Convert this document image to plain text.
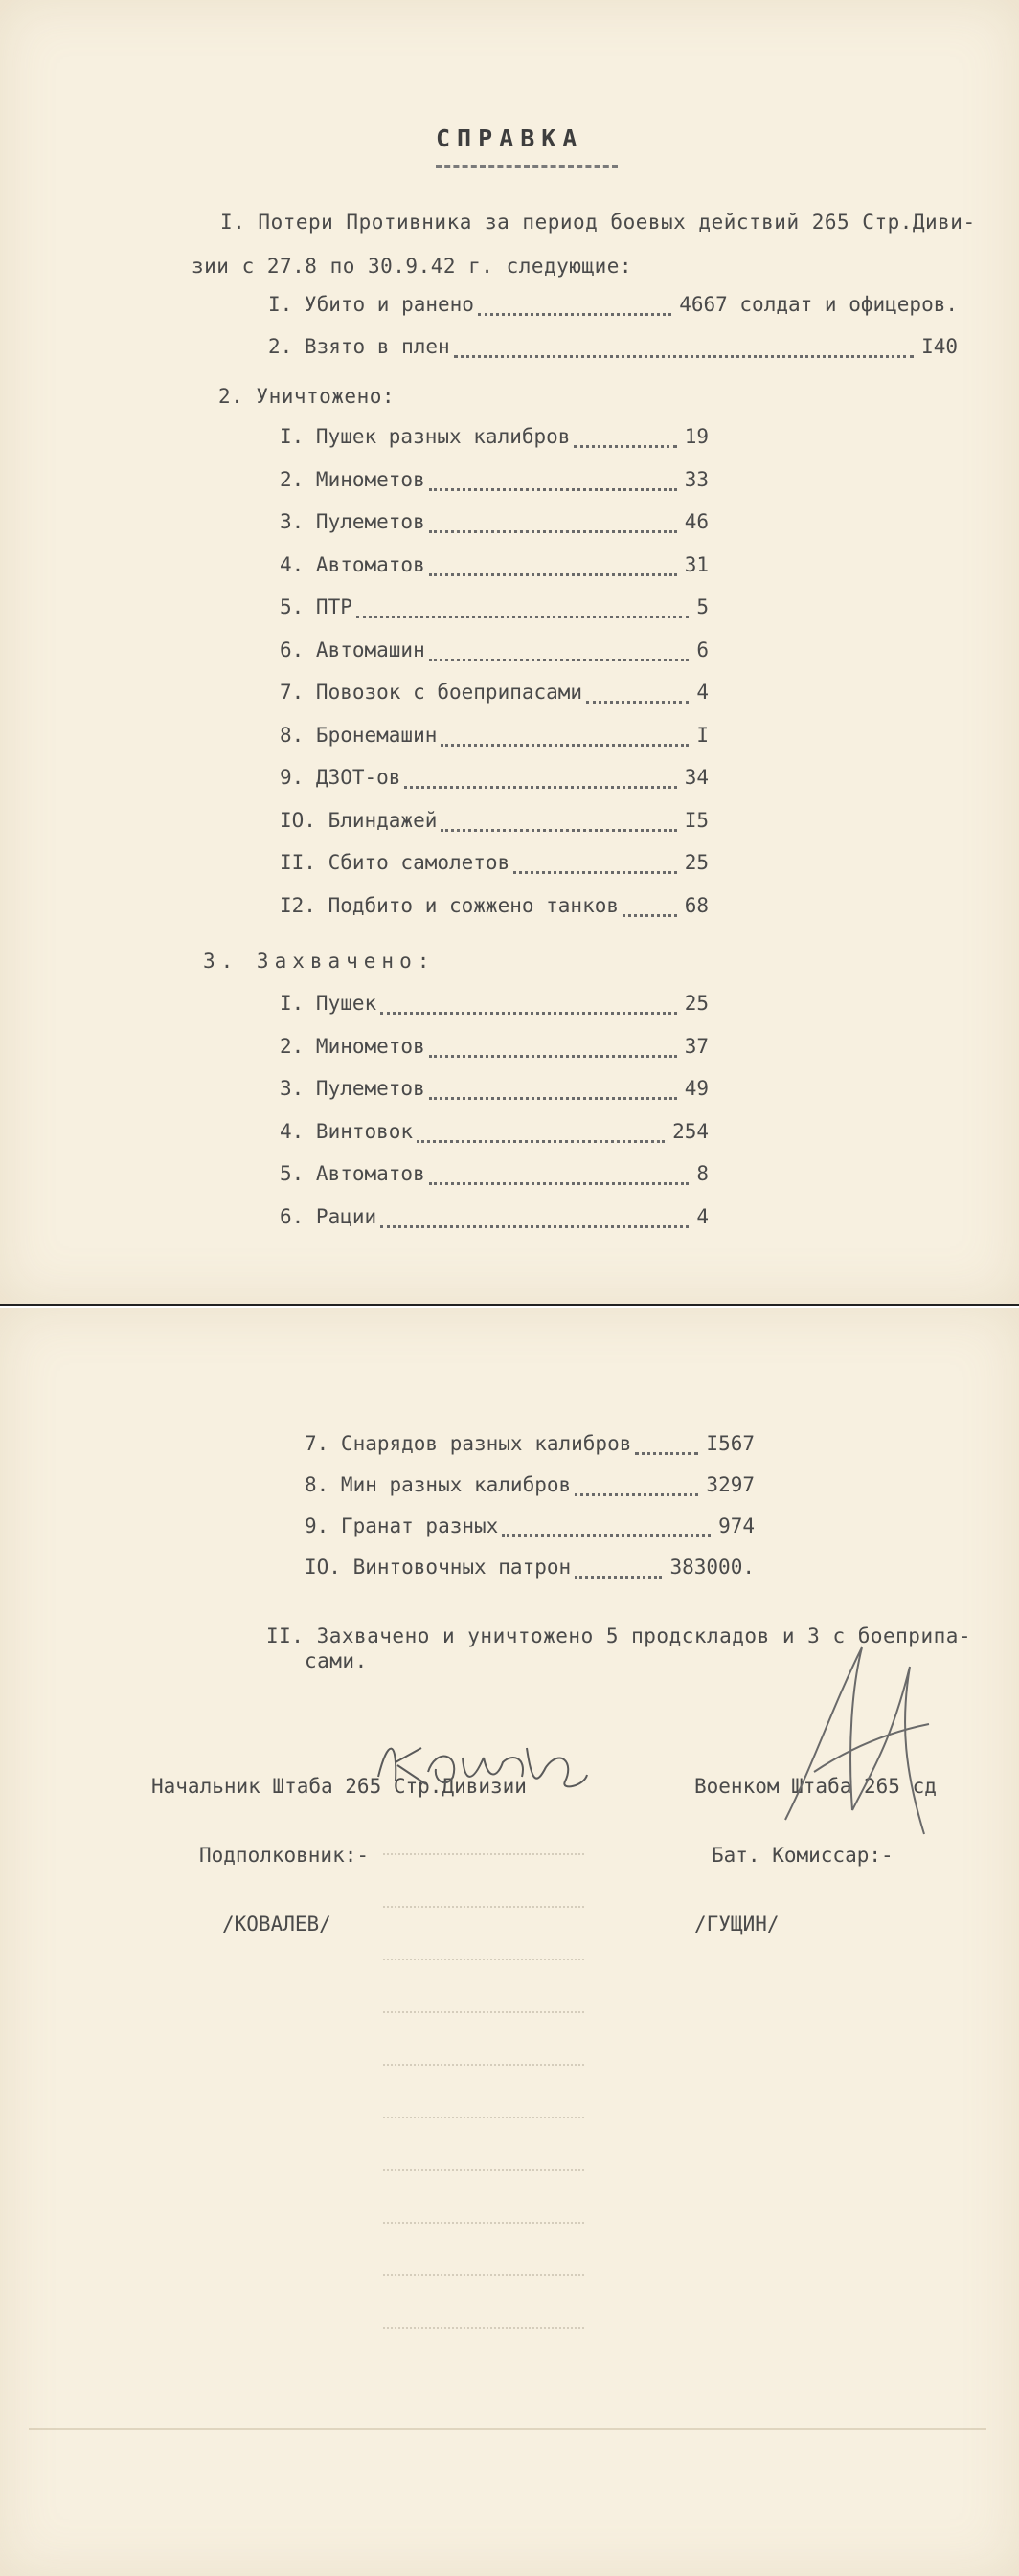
СПРАВКА
I. Потери Противника за период боевых действий 265 Стр.Диви-
зии с 27.8 по 30.9.42 г. следующие:
I. Убито и ранено	4667 солдат и офицеров.
2. Взято в плен	I40
2. Уничтожено:
I. Пушек разных калибров	19
2. Минометов	33
3. Пулеметов	46
4. Автоматов	31
5. ПТР	5
6. Автомашин	6
7. Повозок с боеприпасами	4
8. Бронемашин	I
9. ДЗОТ-ов	34
IO. Блиндажей	I5
II. Сбито самолетов	25
I2. Подбито и сожжено танков	68
3. Захвачено:
I. Пушек	25
2. Минометов	37
3. Пулеметов	49
4. Винтовок	254
5. Автоматов	8
6. Рации	4
7. Снарядов разных калибров	I567
8. Мин разных калибров	3297
9. Гранат разных	974
IO. Винтовочных патрон	383000.
II. Захвачено и уничтожено 5 продскладов и 3 с боеприпа-
сами.

Начальник Штаба 265 Стр.Дивизии

Подполковник:-

/КОВАЛЕВ/

Военком Штаба 265 сд

Бат. Комиссар:-

/ГУЩИН/
